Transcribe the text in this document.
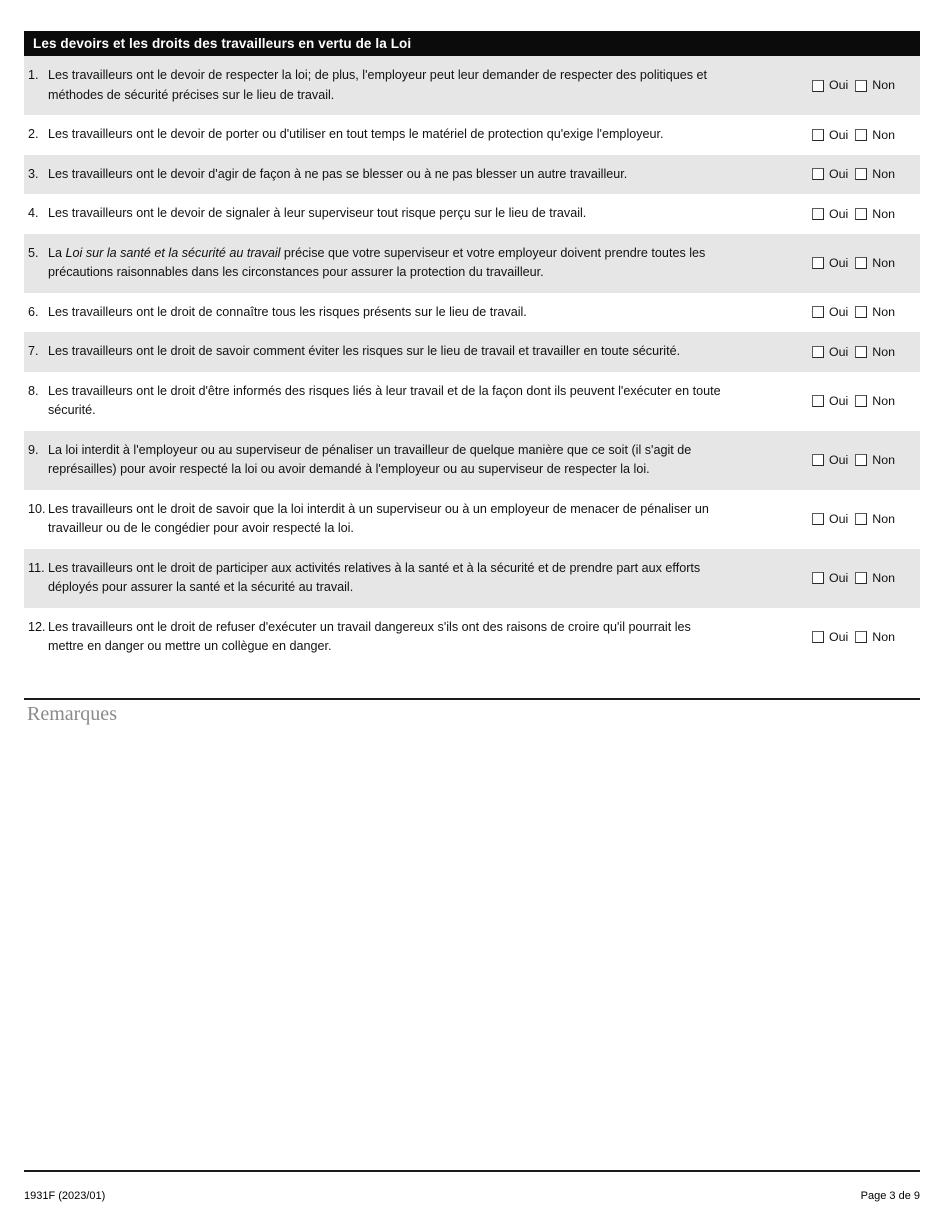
Les devoirs et les droits des travailleurs en vertu de la Loi
1. Les travailleurs ont le devoir de respecter la loi; de plus, l'employeur peut leur demander de respecter des politiques et
méthodes de sécurité précises sur le lieu de travail.
Oui Non
2. Les travailleurs ont le devoir de porter ou d'utiliser en tout temps le matériel de protection qu'exige l'employeur.	Oui Non
3. Les travailleurs ont le devoir d'agir de façon à ne pas se blesser ou à ne pas blesser un autre travailleur.	Oui Non
4. Les travailleurs ont le devoir de signaler à leur superviseur tout risque perçu sur le lieu de travail.	Oui Non
5. La Loi sur la santé et la sécurité au travail précise que votre superviseur et votre employeur doivent prendre toutes les
précautions raisonnables dans les circonstances pour assurer la protection du travailleur.
Oui Non
6. Les travailleurs ont le droit de connaître tous les risques présents sur le lieu de travail.	Oui Non
7. Les travailleurs ont le droit de savoir comment éviter les risques sur le lieu de travail et travailler en toute sécurité.	Oui Non
8. Les travailleurs ont le droit d'être informés des risques liés à leur travail et de la façon dont ils peuvent l'exécuter en toute
sécurité.
Oui Non
9. La loi interdit à l'employeur ou au superviseur de pénaliser un travailleur de quelque manière que ce soit (il s'agit de
représailles) pour avoir respecté la loi ou avoir demandé à l'employeur ou au superviseur de respecter la loi.
Oui Non
10. Les travailleurs ont le droit de savoir que la loi interdit à un superviseur ou à un employeur de menacer de pénaliser un
travailleur ou de le congédier pour avoir respecté la loi.
Oui Non
11. Les travailleurs ont le droit de participer aux activités relatives à la santé et à la sécurité et de prendre part aux efforts
déployés pour assurer la santé et la sécurité au travail.
Oui Non
12. Les travailleurs ont le droit de refuser d'exécuter un travail dangereux s'ils ont des raisons de croire qu'il pourrait les
mettre en danger ou mettre un collègue en danger.
Oui Non
Remarques
1931F (2023/01)	Page 3 de 9
